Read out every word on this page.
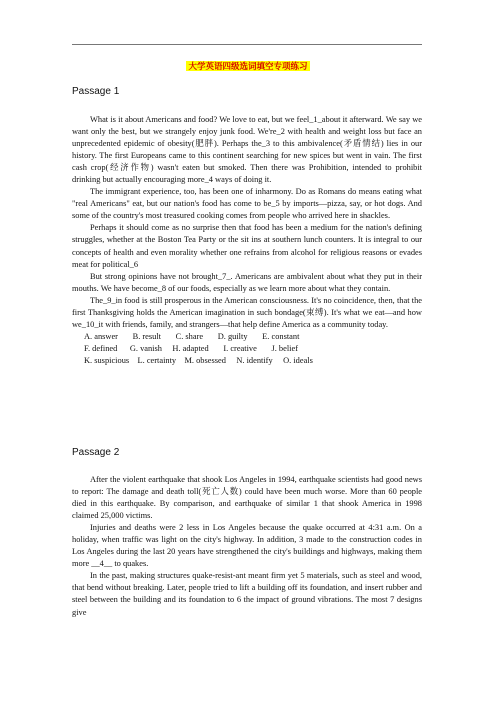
大学英语四级选词填空专项练习
Passage 1

What is it about Americans and food? We love to eat, but we feel_1_about it afterward. We say we want only the best, but we strangely enjoy junk food. We're_2 with health and weight loss but face an unprecedented epidemic of obesity(肥胖). Perhaps the_3 to this ambivalence(矛盾情结) lies in our history. The first Europeans came to this continent searching for new spices but went in vain. The first cash crop(经济作物) wasn't eaten but smoked. Then there was Prohibition, intended to prohibit drinking but actually encouraging more_4 ways of doing it.

The immigrant experience, too, has been one of inharmony. Do as Romans do means eating what "real Americans" eat, but our nation's food has come to be_5 by imports—pizza, say, or hot dogs. And some of the country's most treasured cooking comes from people who arrived here in shackles.

Perhaps it should come as no surprise then that food has been a medium for the nation's defining struggles, whether at the Boston Tea Party or the sit ins at southern lunch counters. It is integral to our concepts of health and even morality whether one refrains from alcohol for religious reasons or evades meat for political_6

But strong opinions have not brought_7_. Americans are ambivalent about what they put in their mouths. We have become_8 of our foods, especially as we learn more about what they contain.

The_9_in food is still prosperous in the American consciousness. It's no coincidence, then, that the first Thanksgiving holds the American imagination in such bondage(束缚). It's what we eat—and how we_10_it with friends, family, and strangers—that help define America as a community today.

A. answer       B. result       C. share       D. guilty       E. constant
F. defined      G. vanish     H. adapted       I. creative       J. belief
K. suspicious    L. certainty    M. obsessed     N. identify     O. ideals
Passage 2

After the violent earthquake that shook Los Angeles in 1994, earthquake scientists had good news to report: The damage and death toll(死亡人数) could have been much worse. More than 60 people died in this earthquake. By comparison, and earthquake of similar 1 that shook America in 1998 claimed 25,000 victims.

Injuries and deaths were 2 less in Los Angeles because the quake occurred at 4:31 a.m. On a holiday, when traffic was light on the city's highway. In addition, 3 made to the construction codes in Los Angeles during the last 20 years have strengthened the city's buildings and highways, making them more __4__ to quakes.

In the past, making structures quake-resist-ant meant firm yet 5 materials, such as steel and wood, that bend without breaking. Later, people tried to lift a building off its foundation, and insert rubber and steel between the building and its foundation to 6 the impact of ground vibrations. The most 7 designs give
